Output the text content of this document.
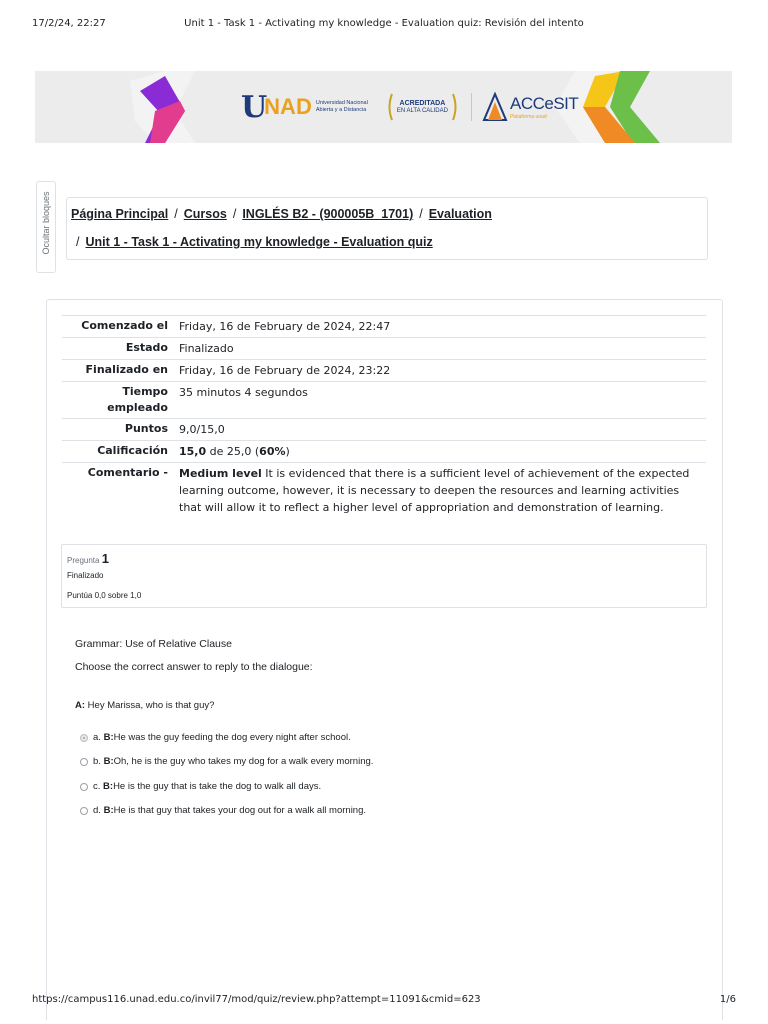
17/2/24, 22:27	Unit 1 - Task 1 - Activating my knowledge - Evaluation quiz: Revisión del intento
U
NAD Universidad Nacional
Abierta y a Distancia
ACREDITADA
EN ALTA CALIDAD	ACCeSIT
Plataforma unad
Ocultar bloques Página Principal / Cursos / INGLÉS B2 - (900005B_1701) / Evaluation
/ Unit 1 - Task 1 - Activating my knowledge - Evaluation quiz
Comenzado el	Friday, 16 de February de 2024, 22:47
Estado	Finalizado
Finalizado en	Friday, 16 de February de 2024, 23:22
Tiempo empleado	35 minutos 4 segundos
Puntos	9,0/15,0
Calificación	15,0 de 25,0 (60%)
Comentario -	Medium level It is evidenced that there is a sufficient level of achievement of the expected learning outcome, however, it is necessary to deepen the resources and learning activities that will allow it to reflect a higher level of appropriation and demonstration of learning.
Pregunta 1
Finalizado
Puntúa 0,0 sobre 1,0
Grammar: Use of Relative Clause
Choose the correct answer to reply to the dialogue:
A: Hey Marissa, who is that guy?
a.
B: He was the guy feeding the dog every night after school.
b.
B: Oh, he is the guy who takes my dog for a walk every morning.
c.
B: He is the guy that is take the dog to walk all days.
d.
B: He is that guy that takes your dog out for a walk all morning.
https://campus116.unad.edu.co/invil77/mod/quiz/review.php?attempt=11091&cmid=623	1/6
